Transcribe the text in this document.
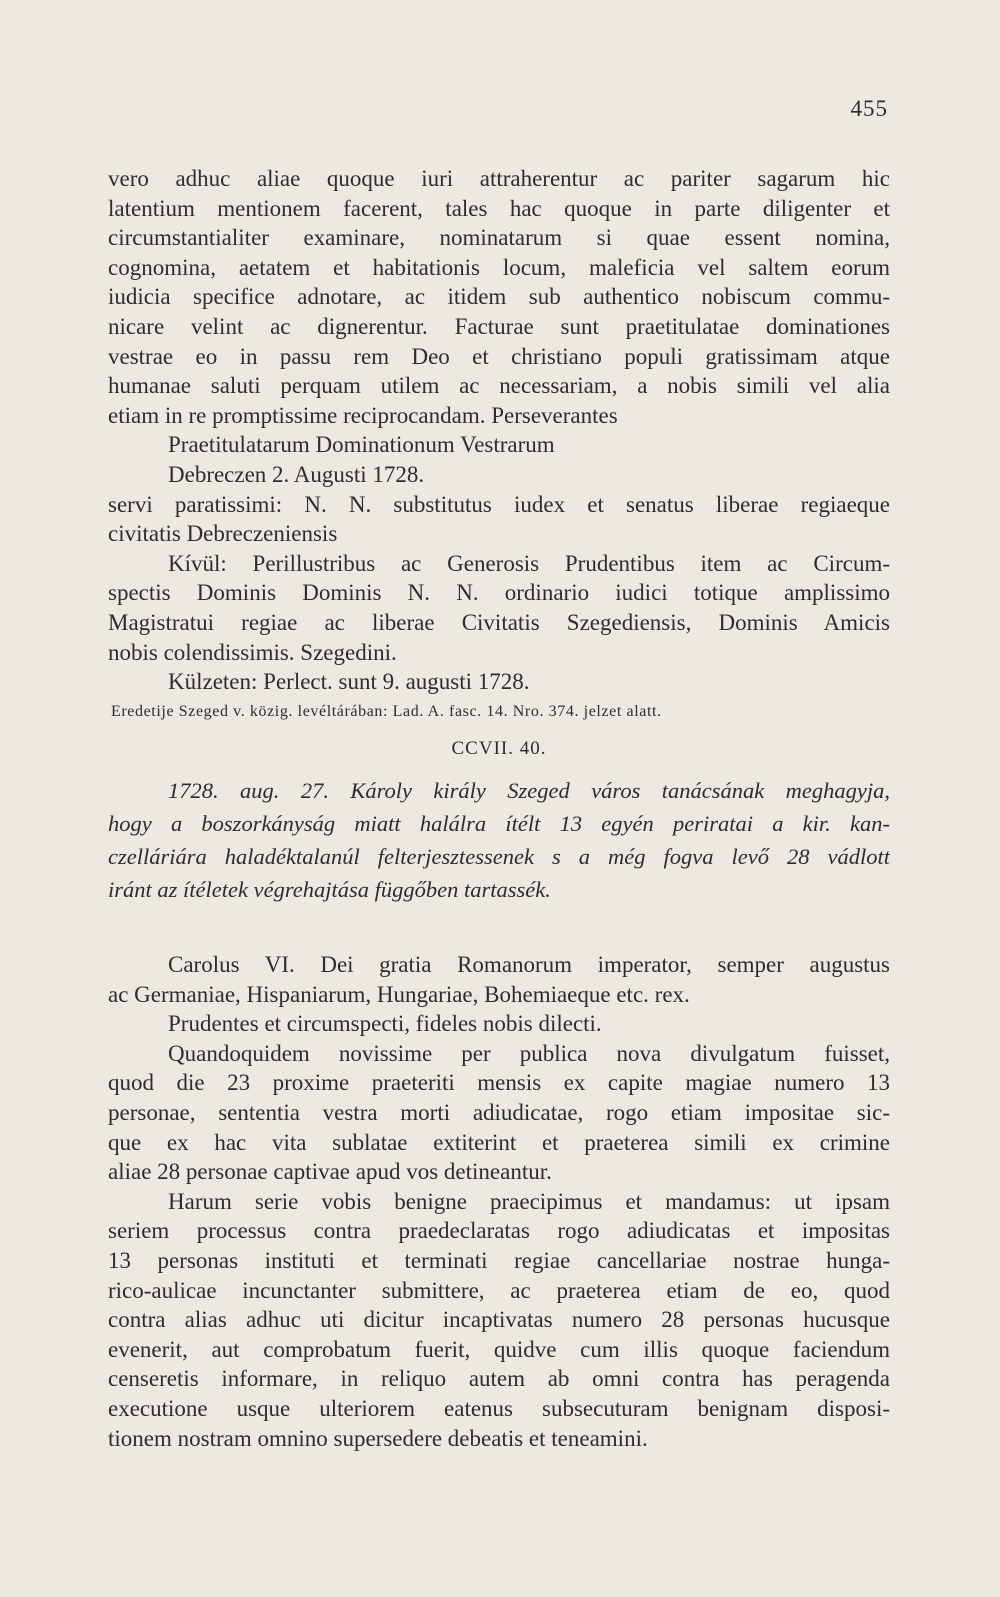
455
vero adhuc aliae quoque iuri attraherentur ac pariter sagarum hic
latentium mentionem facerent, tales hac quoque in parte diligenter et
circumstantialiter examinare, nominatarum si quae essent nomina,
cognomina, aetatem et habitationis locum, maleficia vel saltem eorum
iudicia specifice adnotare, ac itidem sub authentico nobiscum commu-
nicare velint ac dignerentur. Facturae sunt praetitulatae dominationes
vestrae eo in passu rem Deo et christiano populi gratissimam atque
humanae saluti perquam utilem ac necessariam, a nobis simili vel alia
etiam in re promptissime reciprocandam. Perseverantes
Praetitulatarum Dominationum Vestrarum
Debreczen 2. Augusti 1728.
servi paratissimi: N. N. substitutus iudex et senatus liberae regiaeque
civitatis Debreczeniensis
Kívül: Perillustribus ac Generosis Prudentibus item ac Circum-
spectis Dominis Dominis N. N. ordinario iudici totique amplissimo
Magistratui regiae ac liberae Civitatis Szegediensis, Dominis Amicis
nobis colendissimis. Szegedini.
Külzeten: Perlect. sunt 9. augusti 1728.
Eredetije Szeged v. közig. levéltárában: Lad. A. fasc. 14. Nro. 374. jelzet alatt.
CCVII. 40.
1728. aug. 27. Károly király Szeged város tanácsának meghagyja,
hogy a boszorkányság miatt halálra ítélt 13 egyén periratai a kir. kan-
czelláriára haladéktalanúl felterjesztessenek s a még fogva levő 28 vádlott
iránt az ítéletek végrehajtása függőben tartassék.
Carolus VI. Dei gratia Romanorum imperator, semper augustus
ac Germaniae, Hispaniarum, Hungariae, Bohemiaeque etc. rex.
Prudentes et circumspecti, fideles nobis dilecti.
Quandoquidem novissime per publica nova divulgatum fuisset,
quod die 23 proxime praeteriti mensis ex capite magiae numero 13
personae, sententia vestra morti adiudicatae, rogo etiam impositae sic-
que ex hac vita sublatae extiterint et praeterea simili ex crimine
aliae 28 personae captivae apud vos detineantur.
Harum serie vobis benigne praecipimus et mandamus: ut ipsam
seriem processus contra praedeclaratas rogo adiudicatas et impositas
13 personas instituti et terminati regiae cancellariae nostrae hunga-
rico-aulicae incunctanter submittere, ac praeterea etiam de eo, quod
contra alias adhuc uti dicitur incaptivatas numero 28 personas hucusque
evenerit, aut comprobatum fuerit, quidve cum illis quoque faciendum
censeretis informare, in reliquo autem ab omni contra has peragenda
executione usque ulteriorem eatenus subsecuturam benignam disposi-
tionem nostram omnino supersedere debeatis et teneamini.
